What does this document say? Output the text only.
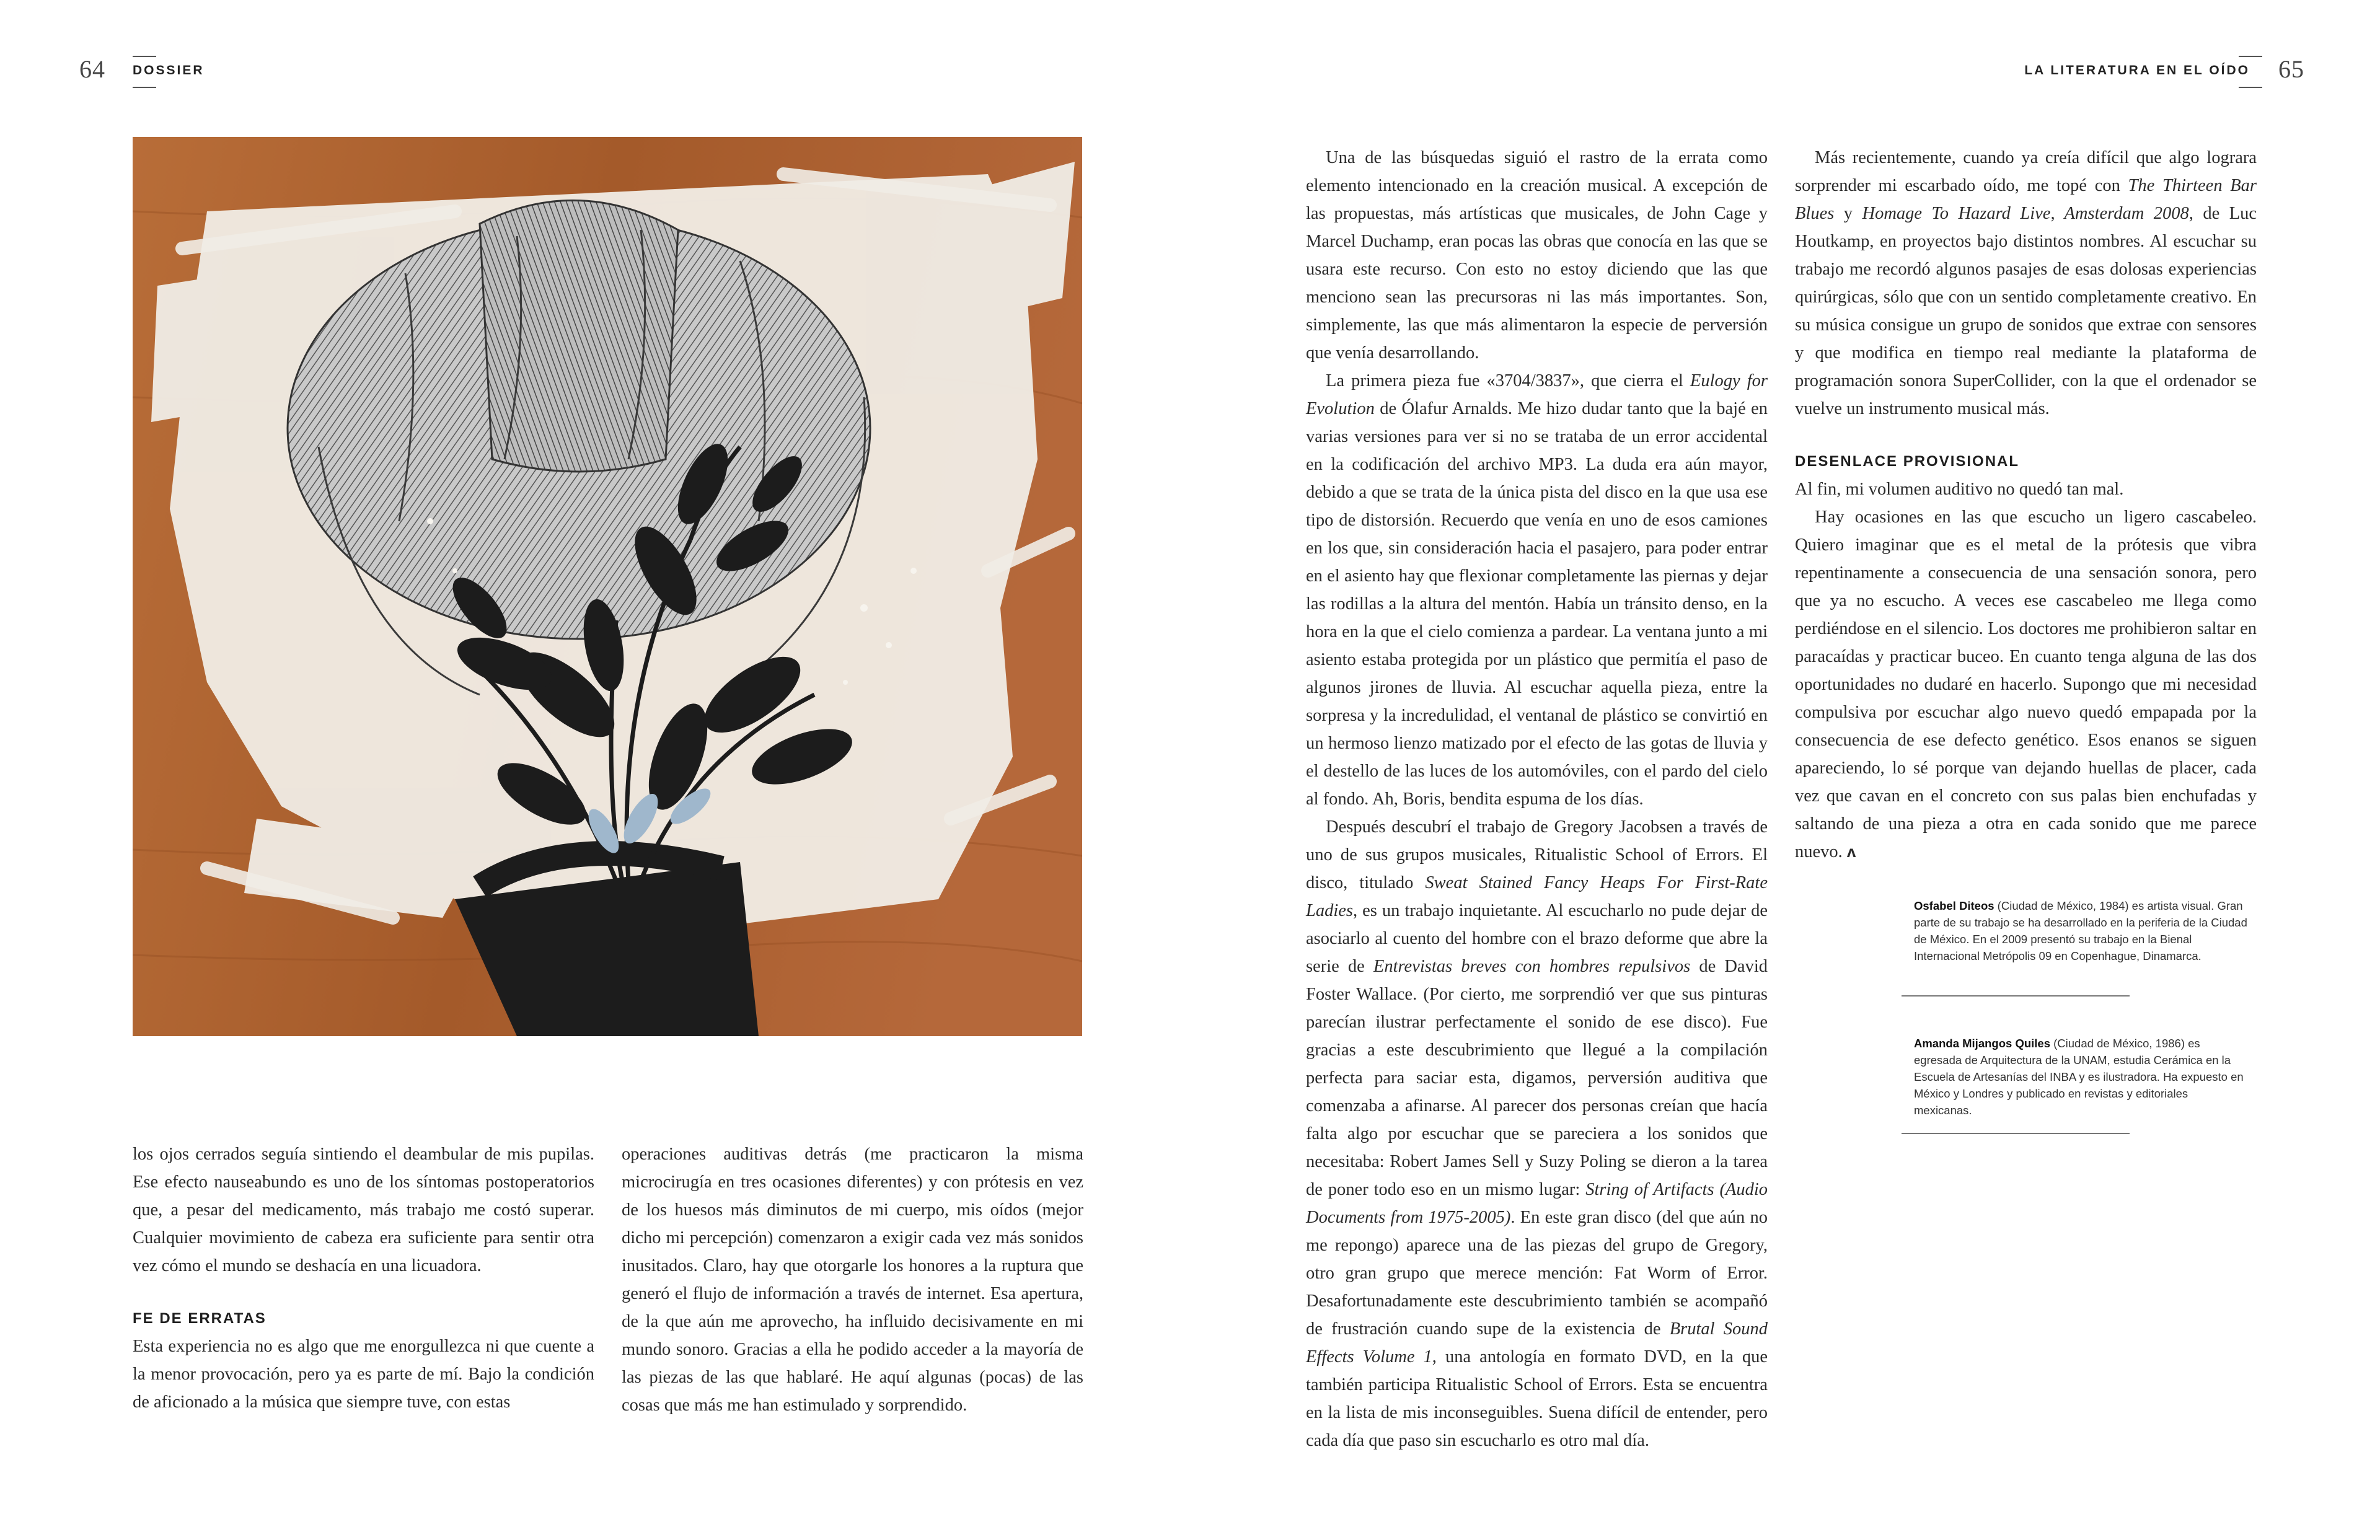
64 DOSSIER	LA LITERATURA EN EL OÍDO 65

los ojos cerrados seguía sintiendo el deambular de mis pupilas. Ese efecto nauseabundo es uno de los síntomas postoperatorios que, a pesar del medicamento, más trabajo me costó superar. Cualquier movimiento de cabeza era suficiente para sentir otra vez cómo el mundo se deshacía en una licuadora.

FE DE ERRATAS

Esta experiencia no es algo que me enorgullezca ni que cuente a la menor provocación, pero ya es parte de mí. Bajo la condición de aficionado a la música que siempre tuve, con estas

operaciones auditivas detrás (me practicaron la misma microcirugía en tres ocasiones diferentes) y con prótesis en vez de los huesos más diminutos de mi cuerpo, mis oídos (mejor dicho mi percepción) comenzaron a exigir cada vez más sonidos inusitados. Claro, hay que otorgarle los honores a la ruptura que generó el flujo de información a través de internet. Esa apertura, de la que aún me aprovecho, ha influido decisivamente en mi mundo sonoro. Gracias a ella he podido acceder a la mayoría de las piezas de las que hablaré. He aquí algunas (pocas) de las cosas que más me han estimulado y sorprendido.

Una de las búsquedas siguió el rastro de la errata como elemento intencionado en la creación musical. A excepción de las propuestas, más artísticas que musicales, de John Cage y Marcel Duchamp, eran pocas las obras que conocía en las que se usara este recurso. Con esto no estoy diciendo que las que menciono sean las precursoras ni las más importantes. Son, simplemente, las que más alimentaron la especie de perversión que venía desarrollando.

La primera pieza fue «3704/3837», que cierra el Eulogy for Evolution de Ólafur Arnalds. Me hizo dudar tanto que la bajé en varias versiones para ver si no se trataba de un error accidental en la codificación del archivo MP3. La duda era aún mayor, debido a que se trata de la única pista del disco en la que usa ese tipo de distorsión. Recuerdo que venía en uno de esos camiones en los que, sin consideración hacia el pasajero, para poder entrar en el asiento hay que flexionar completamente las piernas y dejar las rodillas a la altura del mentón. Había un tránsito denso, en la hora en la que el cielo comienza a pardear. La ventana junto a mi asiento estaba protegida por un plástico que permitía el paso de algunos jirones de lluvia. Al escuchar aquella pieza, entre la sorpresa y la incredulidad, el ventanal de plástico se convirtió en un hermoso lienzo matizado por el efecto de las gotas de lluvia y el destello de las luces de los automóviles, con el pardo del cielo al fondo. Ah, Boris, bendita espuma de los días.

Después descubrí el trabajo de Gregory Jacobsen a través de uno de sus grupos musicales, Ritualistic School of Errors. El disco, titulado Sweat Stained Fancy Heaps For First-Rate Ladies, es un trabajo inquietante. Al escucharlo no pude dejar de asociarlo al cuento del hombre con el brazo deforme que abre la serie de Entrevistas breves con hombres repulsivos de David Foster Wallace. (Por cierto, me sorprendió ver que sus pinturas parecían ilustrar perfectamente el sonido de ese disco). Fue gracias a este descubrimiento que llegué a la compilación perfecta para saciar esta, digamos, perversión auditiva que comenzaba a afinarse. Al parecer dos personas creían que hacía falta algo por escuchar que se pareciera a los sonidos que necesitaba: Robert James Sell y Suzy Poling se dieron a la tarea de poner todo eso en un mismo lugar: String of Artifacts (Audio Documents from 1975-2005). En este gran disco (del que aún no me repongo) aparece una de las piezas del grupo de Gregory, otro gran grupo que merece mención: Fat Worm of Error. Desafortunadamente este descubrimiento también se acompañó de frustración cuando supe de la existencia de Brutal Sound Effects Volume 1, una antología en formato DVD, en la que también participa Ritualistic School of Errors. Esta se encuentra en la lista de mis inconseguibles. Suena difícil de entender, pero cada día que paso sin escucharlo es otro mal día.

Más recientemente, cuando ya creía difícil que algo lograra sorprender mi escarbado oído, me topé con The Thirteen Bar Blues y Homage To Hazard Live, Amsterdam 2008, de Luc Houtkamp, en proyectos bajo distintos nombres. Al escuchar su trabajo me recordó algunos pasajes de esas dolosas experiencias quirúrgicas, sólo que con un sentido completamente creativo. En su música consigue un grupo de sonidos que extrae con sensores y que modifica en tiempo real mediante la plataforma de programación sonora SuperCollider, con la que el ordenador se vuelve un instrumento musical más.

DESENLACE PROVISIONAL

Al fin, mi volumen auditivo no quedó tan mal.

Hay ocasiones en las que escucho un ligero cascabeleo. Quiero imaginar que es el metal de la prótesis que vibra repentinamente a consecuencia de una sensación sonora, pero que ya no escucho. A veces ese cascabeleo me llega como perdiéndose en el silencio. Los doctores me prohibieron saltar en paracaídas y practicar buceo. En cuanto tenga alguna de las dos oportunidades no dudaré en hacerlo. Supongo que mi necesidad compulsiva por escuchar algo nuevo quedó empapada por la consecuencia de ese defecto genético. Esos enanos se siguen apareciendo, lo sé porque van dejando huellas de placer, cada vez que cavan en el concreto con sus palas bien enchufadas y saltando de una pieza a otra en cada sonido que me parece nuevo. ʌ

Osfabel Diteos (Ciudad de México, 1984) es artista visual. Gran parte de su trabajo se ha desarrollado en la periferia de la Ciudad de México. En el 2009 presentó su trabajo en la Bienal Internacional Metrópolis 09 en Copenhague, Dinamarca.
Amanda Mijangos Quiles (Ciudad de México, 1986) es egresada de Arquitectura de la UNAM, estudia Cerámica en la Escuela de Artesanías del INBA y es ilustradora. Ha expuesto en México y Londres y publicado en revistas y editoriales mexicanas.
